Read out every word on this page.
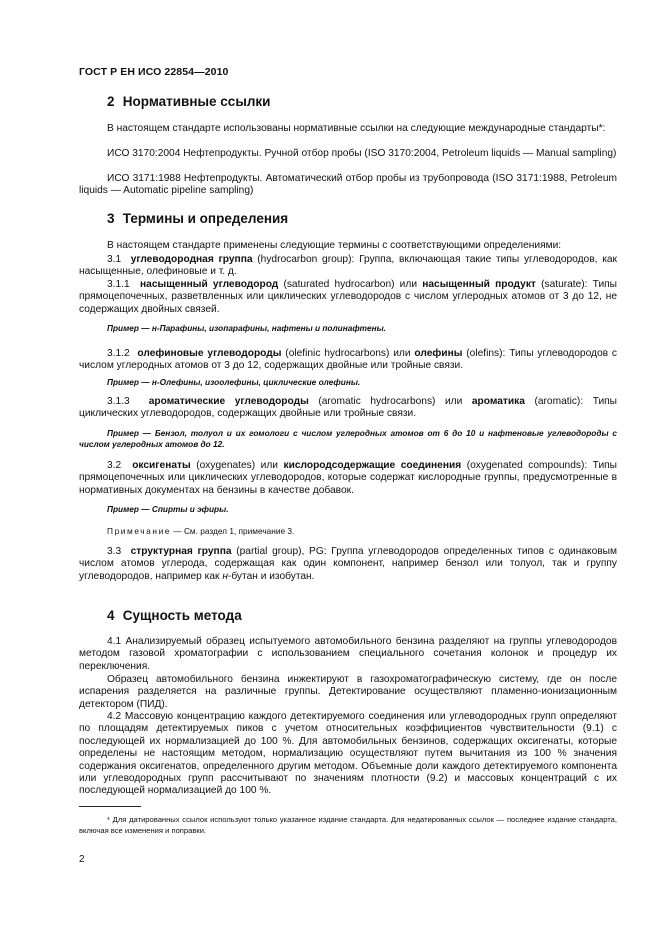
ГОСТ Р ЕН ИСО 22854—2010
2 Нормативные ссылки
В настоящем стандарте использованы нормативные ссылки на следующие международные стандарты*:
ИСО 3170:2004 Нефтепродукты. Ручной отбор пробы (ISO 3170:2004, Petroleum liquids — Manual sampling)
ИСО 3171:1988 Нефтепродукты. Автоматический отбор пробы из трубопровода (ISO 3171:1988, Petroleum liquids — Automatic pipeline sampling)
3 Термины и определения
В настоящем стандарте применены следующие термины с соответствующими определениями:
3.1 углеводородная группа (hydrocarbon group): Группа, включающая такие типы углеводородов, как насыщенные, олефиновые и т. д.
3.1.1 насыщенный углеводород (saturated hydrocarbon) или насыщенный продукт (saturate): Типы прямоцепочечных, разветвленных или циклических углеводородов с числом углеродных атомов от 3 до 12, не содержащих двойных связей.
Пример — н-Парафины, изопарафины, нафтены и полинафтены.
3.1.2 олефиновые углеводороды (olefinic hydrocarbons) или олефины (olefins): Типы углеводородов с числом углеродных атомов от 3 до 12, содержащих двойные или тройные связи.
Пример — н-Олефины, изоолефины, циклические олефины.
3.1.3 ароматические углеводороды (aromatic hydrocarbons) или ароматика (aromatic): Типы циклических углеводородов, содержащих двойные или тройные связи.
Пример — Бензол, толуол и их гомологи с числом углеродных атомов от 6 до 10 и нафтеновые углеводороды с числом углеродных атомов до 12.
3.2 оксигенаты (oxygenates) или кислородсодержащие соединения (oxygenated compounds): Типы прямоцепочечных или циклических углеводородов, которые содержат кислородные группы, предусмотренные в нормативных документах на бензины в качестве добавок.
Пример — Спирты и эфиры.
Примечание — См. раздел 1, примечание 3.
3.3 структурная группа (partial group), PG: Группа углеводородов определенных типов с одинаковым числом атомов углерода, содержащая как один компонент, например бензол или толуол, так и группу углеводородов, например как н-бутан и изобутан.
4 Сущность метода
4.1 Анализируемый образец испытуемого автомобильного бензина разделяют на группы углеводородов методом газовой хроматографии с использованием специального сочетания колонок и процедур их переключения.
Образец автомобильного бензина инжектируют в газохроматографическую систему, где он после испарения разделяется на различные группы. Детектирование осуществляют пламенно-ионизационным детектором (ПИД).
4.2 Массовую концентрацию каждого детектируемого соединения или углеводородных групп определяют по площадям детектируемых пиков с учетом относительных коэффициентов чувствительности (9.1) с последующей их нормализацией до 100 %. Для автомобильных бензинов, содержащих оксигенаты, которые определены не настоящим методом, нормализацию осуществляют путем вычитания из 100 % значения содержания оксигенатов, определенного другим методом. Объемные доли каждого детектируемого компонента или углеводородных групп рассчитывают по значениям плотности (9.2) и массовых концентраций с их последующей нормализацией до 100 %.
* Для датированных ссылок используют только указанное издание стандарта. Для недатированных ссылок — последнее издание стандарта, включая все изменения и поправки.
2
